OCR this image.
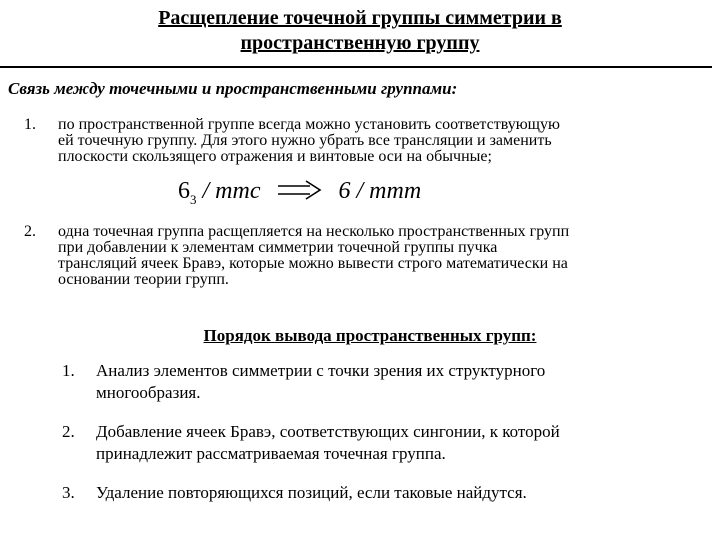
Расщепление точечной группы симметрии в
пространственную группу
Связь между точечными и пространственными группами:
1. по пространственной группе всегда можно установить соответствующую
ей точечную группу. Для этого нужно убрать все трансляции и заменить
плоскости скользящего отражения и винтовые оси на обычные;
$6_3$ / mmc	6 / mmm
2. одна точечная группа расщепляется на несколько пространственных групп
при добавлении к элементам симметрии точечной группы пучка
трансляций ячеек Бравэ, которые можно вывести строго математически на
основании теории групп.
Порядок вывода пространственных групп:
1. Анализ элементов симметрии с точки зрения их структурного
многообразия.
2. Добавление ячеек Бравэ, соответствующих сингонии, к которой
принадлежит рассматриваемая точечная группа.
3. Удаление повторяющихся позиций, если таковые найдутся.
